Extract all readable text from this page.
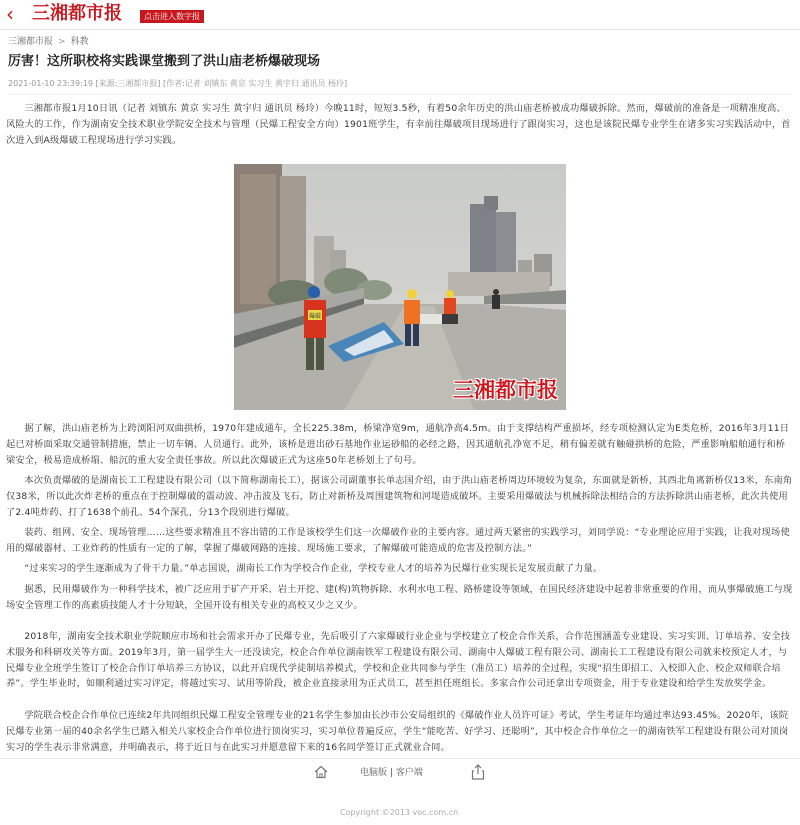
‹ 三湘都市报	点击进入数字报
三湘都市报 > 科教
厉害！这所职校将实践课堂搬到了洪山庙老桥爆破现场
2021-01-10 23:39:19 [来源:三湘都市报] [作者:记者 刘镇东 黄京 实习生 黄宇归 通讯员 杨玲]

三湘都市报1月10日讯（记者 刘镇东 黄京 实习生 黄宇归 通讯员 杨玲）今晚11时，短短3.5秒，有着50余年历史的洪山庙老桥被成功爆破拆除。然而，爆破前的准备是一项精准度高、风险大的工作，作为湖南安全技术职业学院安全技术与管理（民爆工程安全方向）1901班学生，有幸前往爆破项目现场进行了跟岗实习，这也是该院民爆专业学生在诸多实习实践活动中，首次进入到A级爆破工程现场进行学习实践。

爆破
三湘都市报

据了解，洪山庙老桥为上跨浏阳河双曲拱桥，1970年建成通车，全长225.38m，桥梁净宽9m，通航净高4.5m。由于支撑结构严重损坏，经专项检测认定为E类危桥，2016年3月11日起已对桥面采取交通管制措施，禁止一切车辆、人员通行。此外，该桥是进出砂石基地作业运砂船的必经之路，因其通航孔净宽不足，稍有偏差就有触碰拱桥的危险，严重影响船舶通行和桥梁安全，极易造成桥塌、船沉的重大安全责任事故。所以此次爆破正式为这座50年老桥划上了句号。

本次负责爆破的是湖南长工工程建设有限公司（以下简称湖南长工），据该公司副董事长单志国介绍，由于洪山庙老桥周边环境较为复杂，东面就是新桥，其西北角离新桥仅13米，东南角仅38米，所以此次炸老桥的重点在于控制爆破的震动波、冲击波及飞石，防止对新桥及周围建筑物和河堤造成破坏。主要采用爆破法与机械拆除法相结合的方法拆除洪山庙老桥，此次共使用了2.4吨炸药、打了1638个前孔、54个深孔，分13个段别进行爆破。

装药、组网、安全、现场管理……这些要求精准且不容出错的工作是该校学生们这一次爆破作业的主要内容。通过两天紧密的实践学习，刘同学说：“专业理论应用于实践，让我对现场使用的爆破器材、工业炸药的性质有一定的了解，掌握了爆破网路的连接、现场施工要求，了解爆破可能造成的危害及控制方法。”

“过来实习的学生逐渐成为了骨干力量。”单志国说，湖南长工作为学校合作企业，学校专业人才的培养为民爆行业实现长足发展贡献了力量。

据悉，民用爆破作为一种科学技术，被广泛应用于矿产开采、岩土开挖、建(构)筑物拆除、水利水电工程、路桥建设等领域，在国民经济建设中起着非常重要的作用，而从事爆破施工与现场安全管理工作的高素质技能人才十分短缺，全国开设有相关专业的高校又少之又少。

2018年，湖南安全技术职业学院顺应市场和社会需求开办了民爆专业，先后吸引了六家爆破行业企业与学校建立了校企合作关系，合作范围涵盖专业建设、实习实训、订单培养、安全技术服务和科研攻关等方面。2019年3月，第一届学生大一还没读完，校企合作单位湖南铁军工程建设有限公司、湖南中人爆破工程有限公司、湖南长工工程建设有限公司就来校预定人才，与民爆专业全班学生签订了校企合作订单培养三方协议，以此开启现代学徒制培养模式，学校和企业共同参与学生（准员工）培养的全过程，实现“招生即招工、入校即入企、校企双师联合培养”。学生毕业时，如顺利通过实习评定，将越过实习、试用等阶段，被企业直接录用为正式员工，甚至担任班组长。多家合作公司还拿出专项资金，用于专业建设和给学生发放奖学金。

学院联合校企合作单位已连续2年共同组织民爆工程安全管理专业的21名学生参加由长沙市公安局组织的《爆破作业人员许可证》考试，学生考证年均通过率达93.45%。2020年，该院民爆专业第一届的40余名学生已踏入相关八家校企合作单位进行顶岗实习，实习单位普遍反应，学生“能吃苦、好学习、还聪明”，其中校企合作单位之一的湖南铁军工程建设有限公司对顶岗实习的学生表示非常满意，并明确表示，将于近日与在此实习并愿意留下来的16名同学签订正式就业合同。

电脑版 | 客户端
Copyright ©2013 voc.com.cn
